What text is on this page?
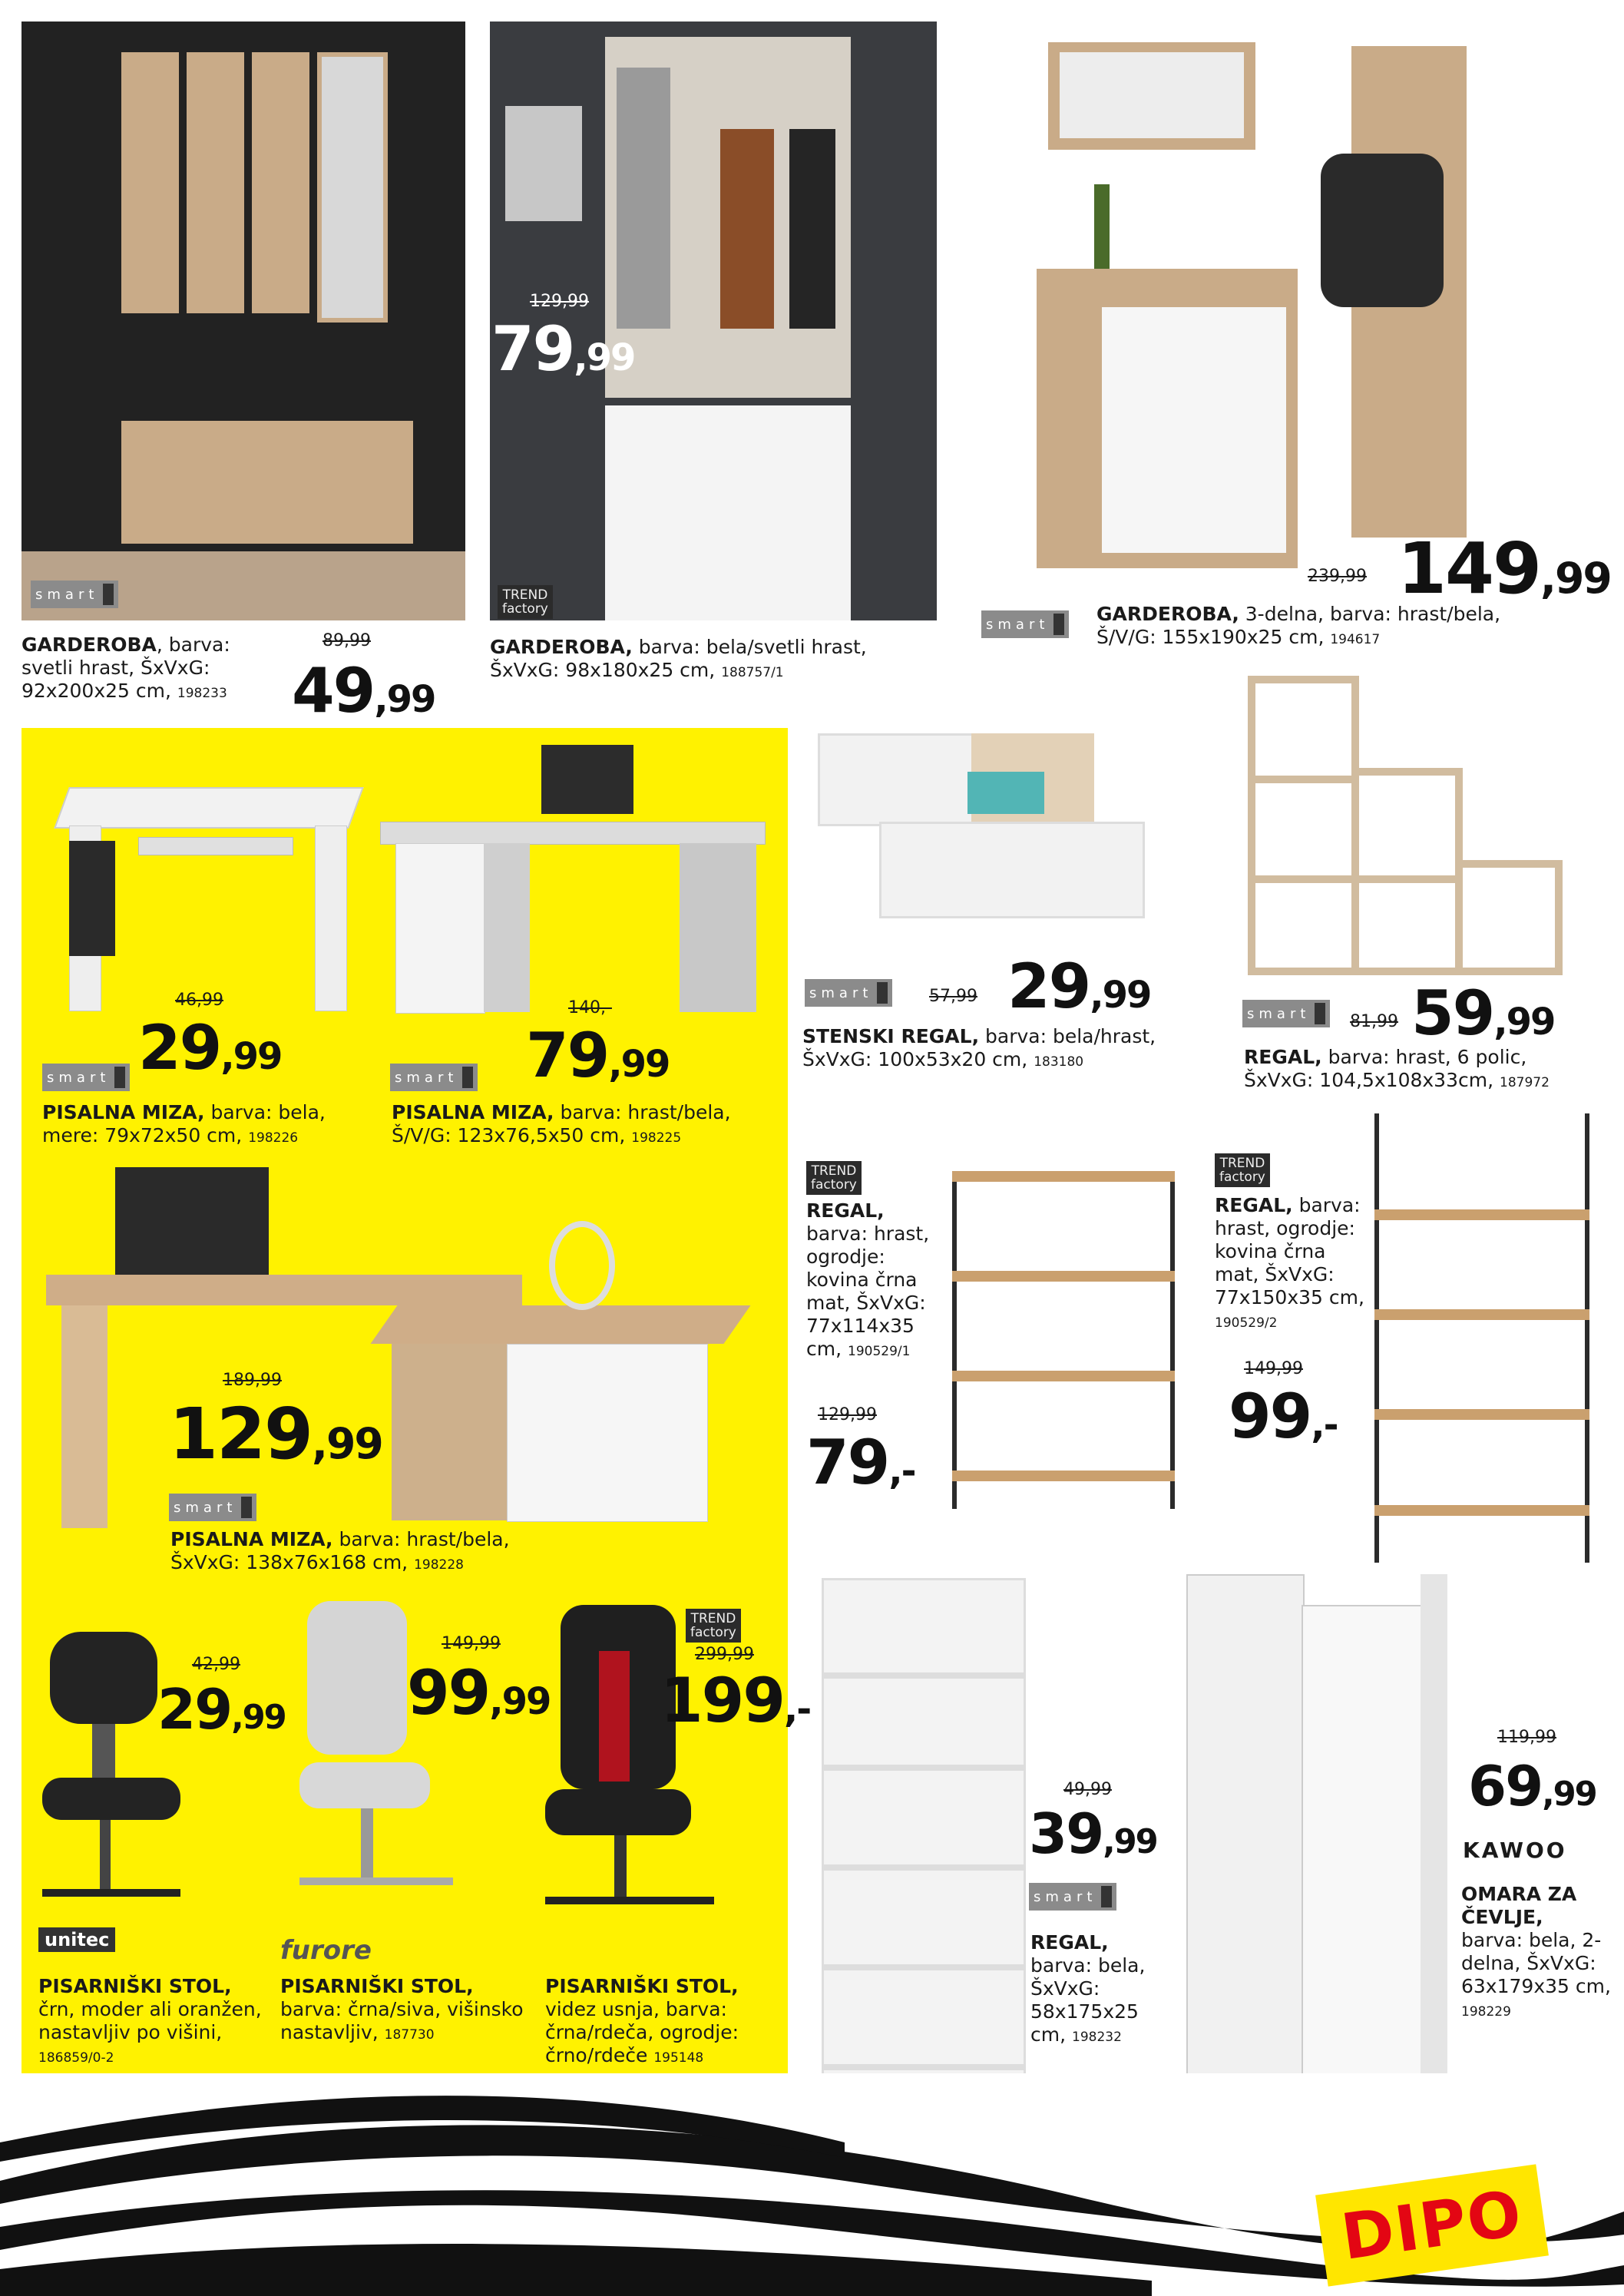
smart
129,99
79,99
TREND
factory
239,99 149,99
smart GARDEROBA, 3-delna, barva: hrast/bela, Š/V/G: 155x190x25 cm, 194617
GARDEROBA, barva: svetli hrast, ŠxVxG: 92x200x25 cm, 198233
89,99
49,99
GARDEROBA, barva: bela/svetli hrast, ŠxVxG: 98x180x25 cm, 188757/1
46,99
29,99
smart
PISALNA MIZA, barva: bela, mere: 79x72x50 cm, 198226
140,-
79,99
smart
PISALNA MIZA, barva: hrast/bela, Š/V/G: 123x76,5x50 cm, 198225
189,99
129,99
smart
PISALNA MIZA, barva: hrast/bela, ŠxVxG: 138x76x168 cm, 198228
42,99
29,99
unitec
PISARNIŠKI STOL,
črn, moder ali oranžen, nastavljiv po višini, 186859/0-2
149,99
99,99
furore
PISARNIŠKI STOL,
barva: črna/siva, višinsko nastavljiv, 187730
TREND
factory
299,99
199,-
PISARNIŠKI STOL,
videz usnja, barva: črna/rdeča, ogrodje: črno/rdeče 195148
smart	57,99 29,99
STENSKI REGAL, barva: bela/hrast, ŠxVxG: 100x53x20 cm, 183180
smart 81,99 59,99
REGAL, barva: hrast, 6 polic, ŠxVxG: 104,5x108x33cm, 187972
TREND
factory
REGAL,
barva: hrast, ogrodje: kovina črna mat, ŠxVxG: 77x114x35 cm, 190529/1
129,99
79,-
TREND
factory
REGAL, barva: hrast, ogrodje: kovina črna mat, ŠxVxG: 77x150x35 cm, 190529/2
149,99
99,-
49,99
39,99
smart
REGAL,
barva: bela, ŠxVxG: 58x175x25 cm, 198232
119,99
69,99
KAWOO
OMARA ZA ČEVLJE,
barva: bela, 2-delna, ŠxVxG: 63x179x35 cm, 198229
DIPO
